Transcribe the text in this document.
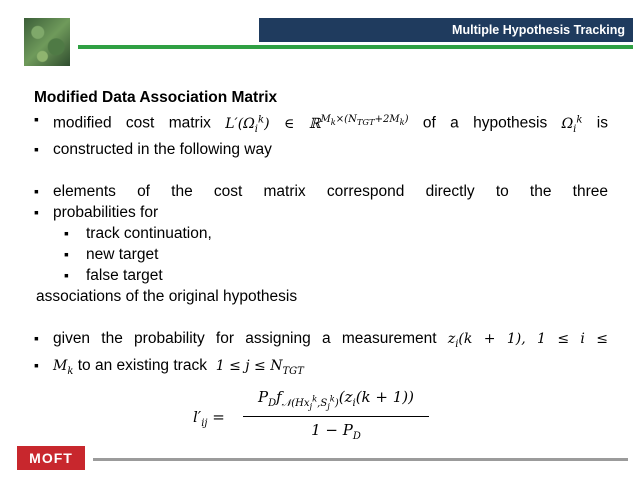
Multiple Hypothesis Tracking
Modified Data Association Matrix
▪ modified cost matrix $L'(\Omega_i^k)$ ∈ ℝ$^{M_k\times(N_{TGT}+2M_k)}$ of a hypothesis $\Omega_i^k$ is
▪ constructed in the following way
▪ elements of the cost matrix correspond directly to the three
▪ probabilities for
▪ track continuation,
▪ new target
▪ false target
associations of the original hypothesis
▪ given the probability for assigning a measurement $z_i(k + 1)$, 1 ≤ i ≤
▪ $M_k$ to an existing track  $1 \le j \le N_{TGT}$
$l'_{ij}$ =
$P_Df_{𝒩(Hx_j^k,S_j^k)}(z_i(k + 1))$
$1 - P_D$
MOFT
